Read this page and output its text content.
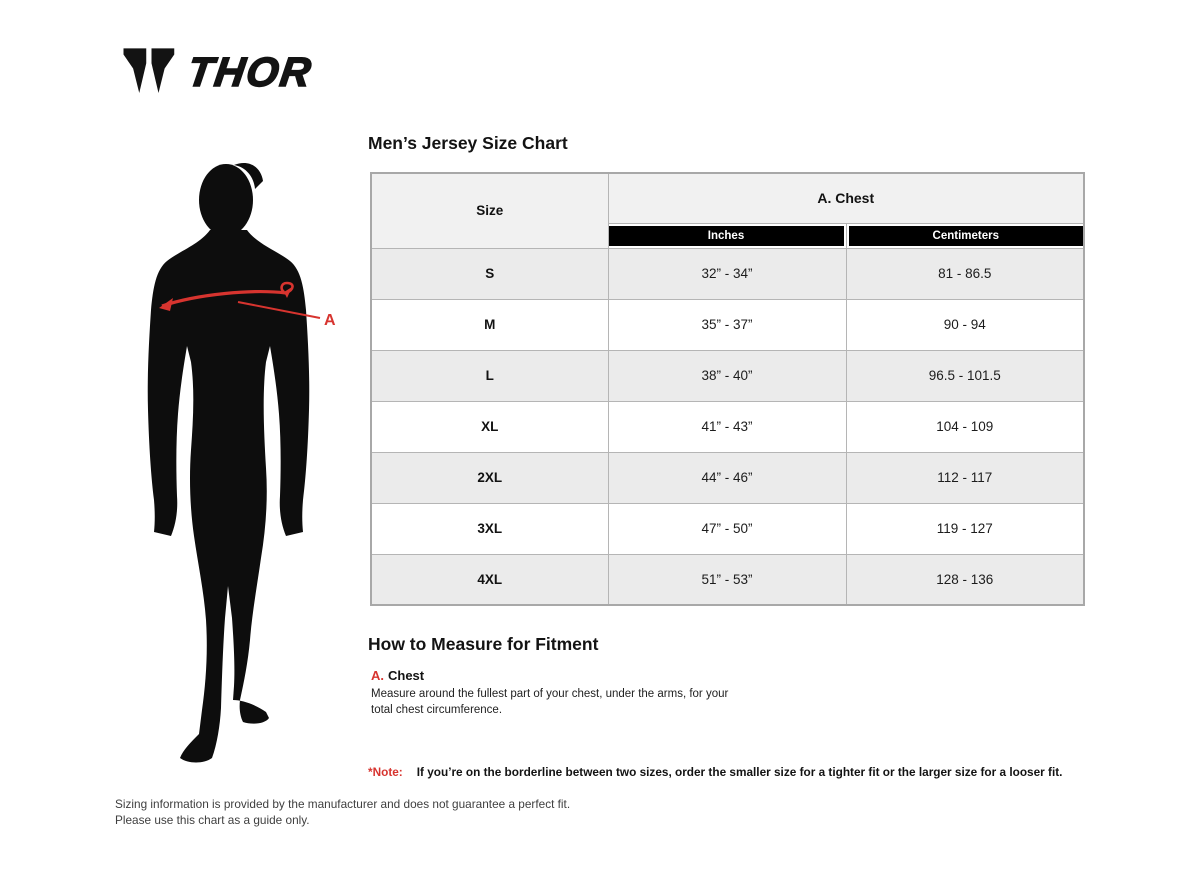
THOR
A
Men’s Jersey Size Chart
Size	A. Chest	

	Inches	Centimeters

S	32” - 34”	81 - 86.5
M	35” - 37”	90 - 94
L	38” - 40”	96.5 - 101.5
XL	41” - 43”	104 - 109
2XL	44” - 46”	112 - 117
3XL	47” - 50”	119 - 127
4XL	51” - 53”	128 - 136
How to Measure for Fitment
A. Chest
Measure around the fullest part of your chest, under the arms, for your total chest circumference.
*Note: If you’re on the borderline between two sizes, order the smaller size for a tighter fit or the larger size for a looser fit.
Sizing information is provided by the manufacturer and does not guarantee a perfect fit.
Please use this chart as a guide only.
